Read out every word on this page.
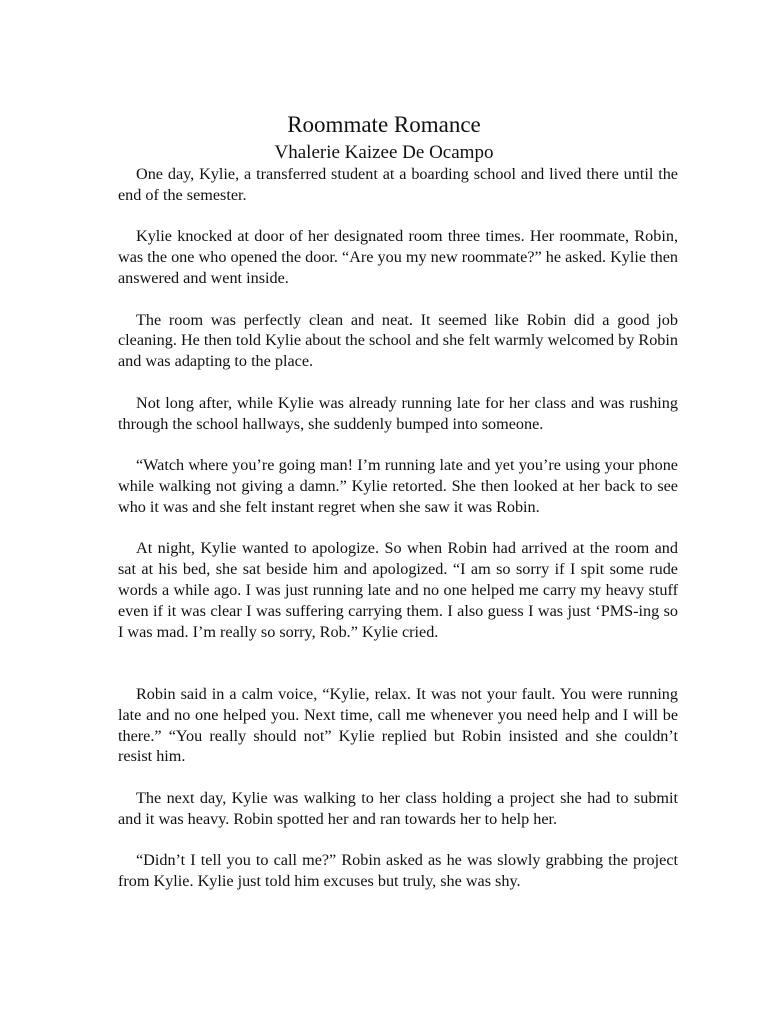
Roommate Romance
Vhalerie Kaizee De Ocampo

One day, Kylie, a transferred student at a boarding school and lived there until the end of the semester.

Kylie knocked at door of her designated room three times. Her roommate, Robin, was the one who opened the door. “Are you my new roommate?” he asked. Kylie then answered and went inside.

The room was perfectly clean and neat. It seemed like Robin did a good job cleaning. He then told Kylie about the school and she felt warmly welcomed by Robin and was adapting to the place.

Not long after, while Kylie was already running late for her class and was rushing through the school hallways, she suddenly bumped into someone.

“Watch where you’re going man! I’m running late and yet you’re using your phone while walking not giving a damn.” Kylie retorted. She then looked at her back to see who it was and she felt instant regret when she saw it was Robin.

At night, Kylie wanted to apologize. So when Robin had arrived at the room and sat at his bed, she sat beside him and apologized. “I am so sorry if I spit some rude words a while ago. I was just running late and no one helped me carry my heavy stuff even if it was clear I was suffering carrying them. I also guess I was just ‘PMS-ing so I was mad. I’m really so sorry, Rob.” Kylie cried.

Robin said in a calm voice, “Kylie, relax. It was not your fault. You were running late and no one helped you. Next time, call me whenever you need help and I will be there.” “You really should not” Kylie replied but Robin insisted and she couldn’t resist him.

The next day, Kylie was walking to her class holding a project she had to submit and it was heavy. Robin spotted her and ran towards her to help her.

“Didn’t I tell you to call me?” Robin asked as he was slowly grabbing the project from Kylie. Kylie just told him excuses but truly, she was shy.
